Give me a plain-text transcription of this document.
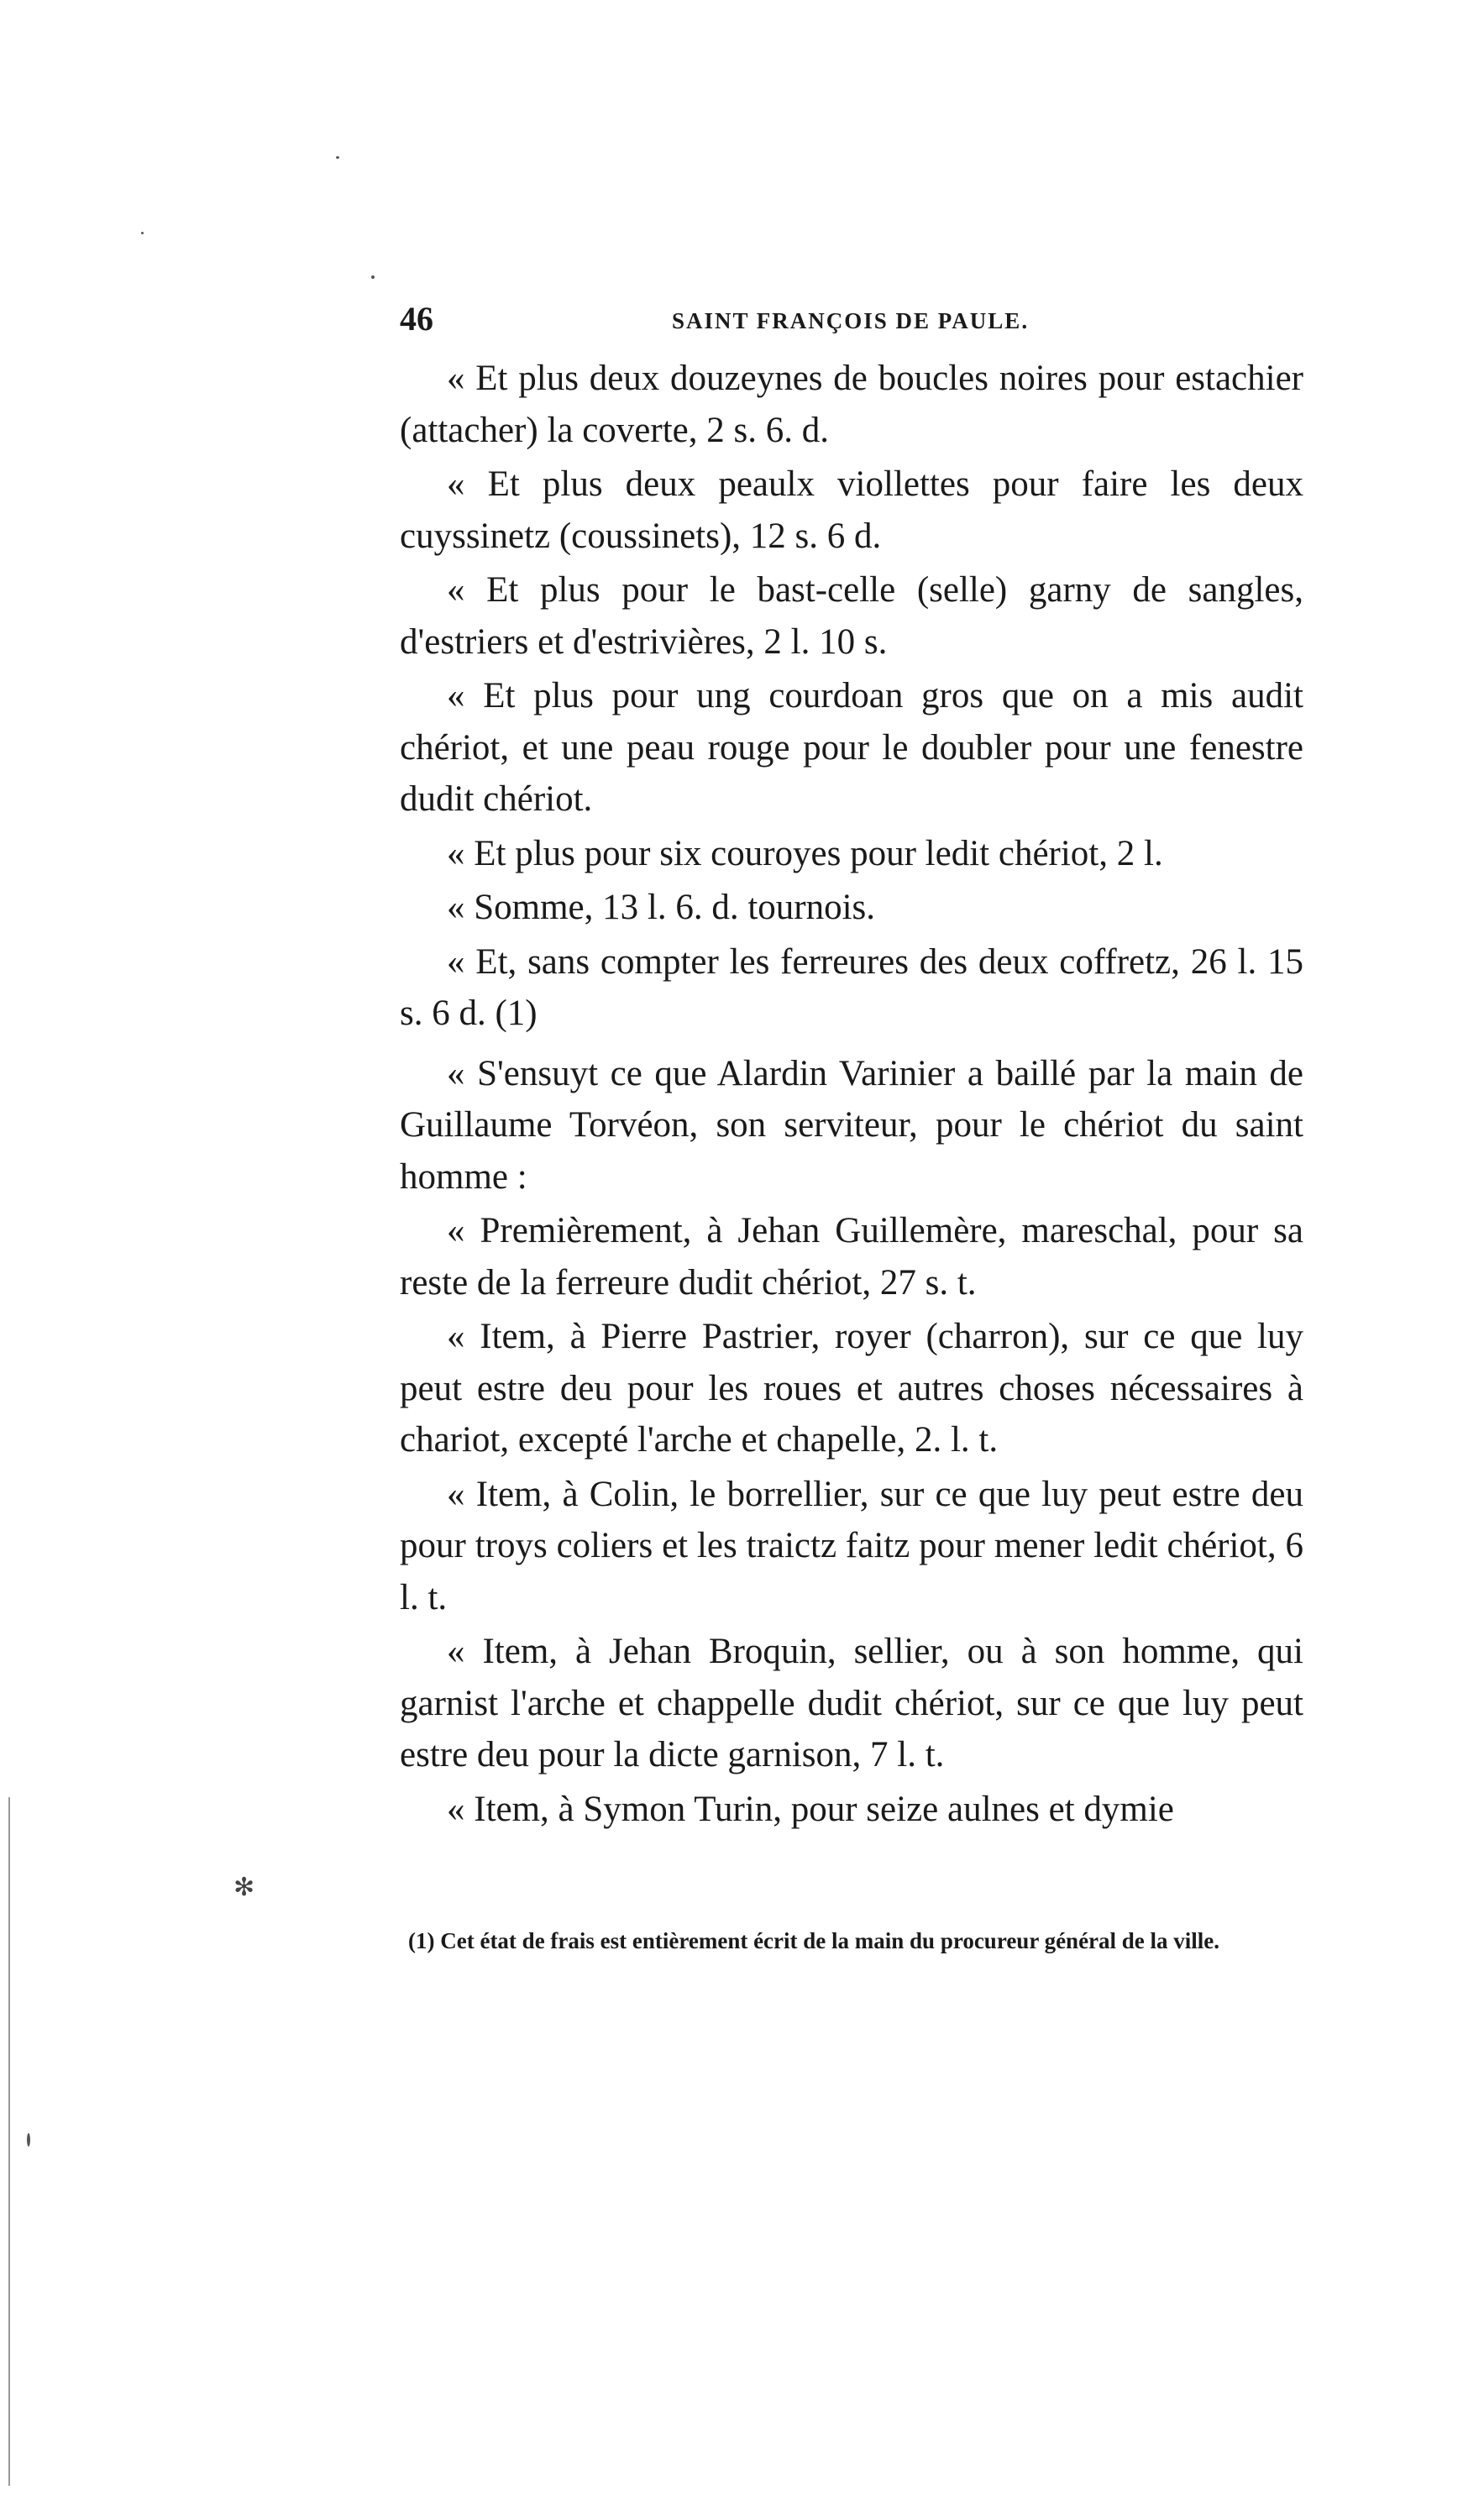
46	SAINT FRANÇOIS DE PAULE.

« Et plus deux douzeynes de boucles noires pour estachier (attacher) la coverte, 2 s. 6. d.

« Et plus deux peaulx viollettes pour faire les deux cuyssinetz (coussinets), 12 s. 6 d.

« Et plus pour le bast-celle (selle) garny de sangles, d'estriers et d'estrivières, 2 l. 10 s.

« Et plus pour ung courdoan gros que on a mis audit chériot, et une peau rouge pour le doubler pour une fenestre dudit chériot.

« Et plus pour six couroyes pour ledit chériot, 2 l.

« Somme, 13 l. 6. d. tournois.

« Et, sans compter les ferreures des deux coffretz, 26 l. 15 s. 6 d. (1)

« S'ensuyt ce que Alardin Varinier a baillé par la main de Guillaume Torvéon, son serviteur, pour le chériot du saint homme :

« Premièrement, à Jehan Guillemère, mareschal, pour sa reste de la ferreure dudit chériot, 27 s. t.

« Item, à Pierre Pastrier, royer (charron), sur ce que luy peut estre deu pour les roues et autres choses nécessaires à chariot, excepté l'arche et chapelle, 2. l. t.

« Item, à Colin, le borrellier, sur ce que luy peut estre deu pour troys coliers et les traictz faitz pour mener ledit chériot, 6 l. t.

« Item, à Jehan Broquin, sellier, ou à son homme, qui garnist l'arche et chappelle dudit chériot, sur ce que luy peut estre deu pour la dicte garnison, 7 l. t.

« Item, à Symon Turin, pour seize aulnes et dymie

✻

(1) Cet état de frais est entièrement écrit de la main du procureur général de la ville.
